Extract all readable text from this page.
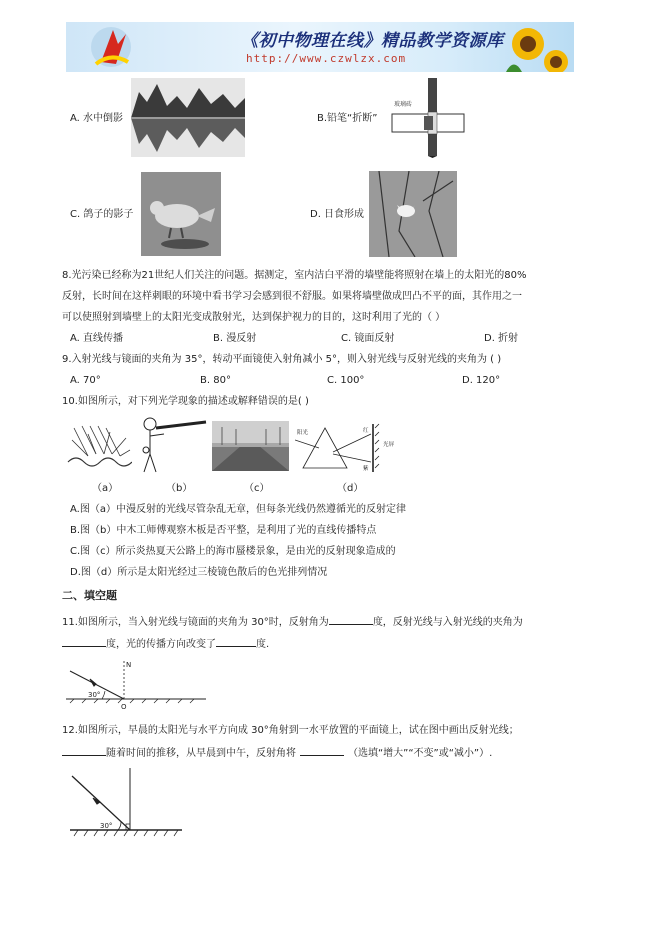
《初中物理在线》精品教学资源库
http://www.czwlzx.com
A. 水中倒影	B.铅笔“折断”
玻璃砖
C. 鸽子的影子	D. 日食形成
8.光污染已经称为21世纪人们关注的问题。据测定，室内洁白平滑的墙壁能将照射在墙上的太阳光的80%
反射，长时间在这样刺眼的环境中看书学习会感到很不舒服。如果将墙壁做成凹凸不平的面，其作用之一
可以使照射到墙壁上的太阳光变成散射光，达到保护视力的目的，这时利用了光的（ ）
A. 直线传播	B. 漫反射	C. 镜面反射	D. 折射
9.入射光线与镜面的夹角为 35°，转动平面镜使入射角减小 5°，则入射光线与反射光线的夹角为 ( )
A. 70°	B. 80°	C. 100°	D. 120°
10.如图所示，对下列光学现象的描述或解释错误的是( )
阳光	红
紫
光屏
（a）	（b）	（c）	（d）
A.图（a）中漫反射的光线尽管杂乱无章，但每条光线仍然遵循光的反射定律
B.图（b）中木工师傅观察木板是否平整，是利用了光的直线传播特点
C.图（c）所示炎热夏天公路上的海市蜃楼景象，是由光的反射现象造成的
D.图（d）所示是太阳光经过三棱镜色散后的色光排列情况
二、填空题
11.如图所示，当入射光线与镜面的夹角为 30°时，反射角为	度，反射光线与入射光线的夹角为
度，光的传播方向改变了	度.
N
30°
O
12.如图所示，早晨的太阳光与水平方向成 30°角射到一水平放置的平面镜上，试在图中画出反射光线；
随着时间的推移，从早晨到中午，反射角将	（选填“增大”“不变”或“减小”）.
30°
